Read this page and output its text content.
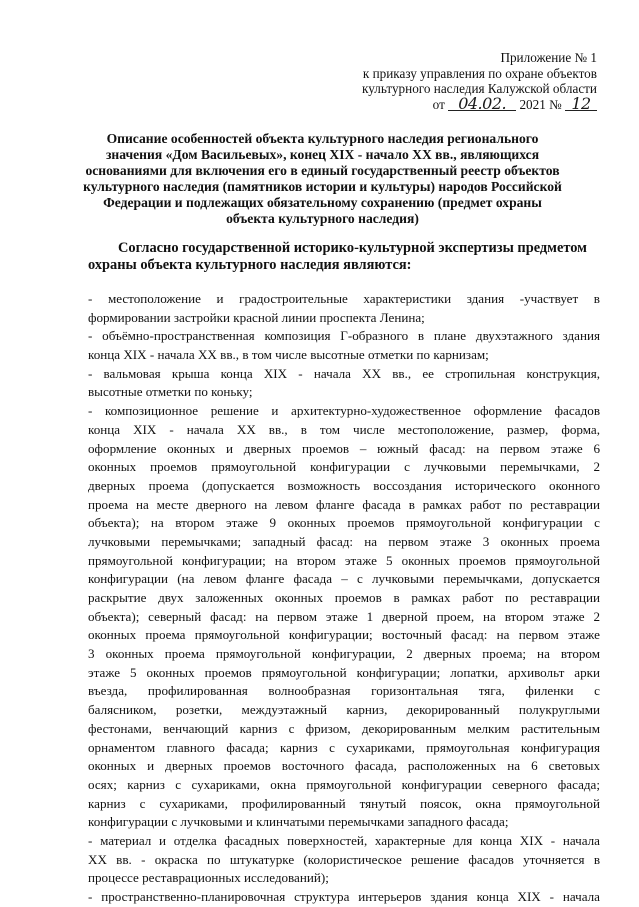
Приложение № 1
к приказу управления по охране объектов
культурного наследия Калужской области
от 04.02. 2021 № 12
Описание особенностей объекта культурного наследия регионального
значения «Дом Васильевых», конец XIX - начало XX вв., являющихся
основаниями для включения его в единый государственный реестр объектов
культурного наследия (памятников истории и культуры) народов Российской
Федерации и подлежащих обязательному сохранению (предмет охраны
объекта культурного наследия)
Согласно государственной историко-культурной экспертизы предметом
охраны объекта культурного наследия являются:
- местоположение и градостроительные характеристики здания -участвует в
формировании застройки красной линии проспекта Ленина;
- объёмно-пространственная композиция Г-образного в плане двухэтажного здания
конца XIX - начала XX вв., в том числе высотные отметки по карнизам;
- вальмовая крыша конца XIX - начала XX вв., ее стропильная конструкция,
высотные отметки по коньку;
- композиционное решение и архитектурно-художественное оформление фасадов
конца XIX - начала XX вв., в том числе местоположение, размер, форма,
оформление оконных и дверных проемов – южный фасад: на первом этаже 6
оконных проемов прямоугольной конфигурации с лучковыми перемычками, 2
дверных проема (допускается возможность воссоздания исторического оконного
проема на месте дверного на левом фланге фасада в рамках работ по реставрации
объекта); на втором этаже 9 оконных проемов прямоугольной конфигурации с
лучковыми перемычками; западный фасад: на первом этаже 3 оконных проема
прямоугольной конфигурации; на втором этаже 5 оконных проемов прямоугольной
конфигурации (на левом фланге фасада – с лучковыми перемычками, допускается
раскрытие двух заложенных оконных проемов в рамках работ по реставрации
объекта); северный фасад: на первом этаже 1 дверной проем, на втором этаже 2
оконных проема прямоугольной конфигурации; восточный фасад: на первом этаже
3 оконных проема прямоугольной конфигурации, 2 дверных проема; на втором
этаже 5 оконных проемов прямоугольной конфигурации; лопатки, архивольт арки
въезда, профилированная волнообразная горизонтальная тяга, филенки с
балясником, розетки, междуэтажный карниз, декорированный полукруглыми
фестонами, венчающий карниз с фризом, декорированным мелким растительным
орнаментом главного фасада; карниз с сухариками, прямоугольная конфигурация
оконных и дверных проемов восточного фасада, расположенных на 6 световых
осях; карниз с сухариками, окна прямоугольной конфигурации северного фасада;
карниз с сухариками, профилированный тянутый поясок, окна прямоугольной
конфигурации с лучковыми и клинчатыми перемычками западного фасада;
- материал и отделка фасадных поверхностей, характерные для конца XIX - начала
XX вв. - окраска по штукатурке (колористическое решение фасадов уточняется в
процессе реставрационных исследований);
- пространственно-планировочная структура интерьеров здания конца XIX - начала
